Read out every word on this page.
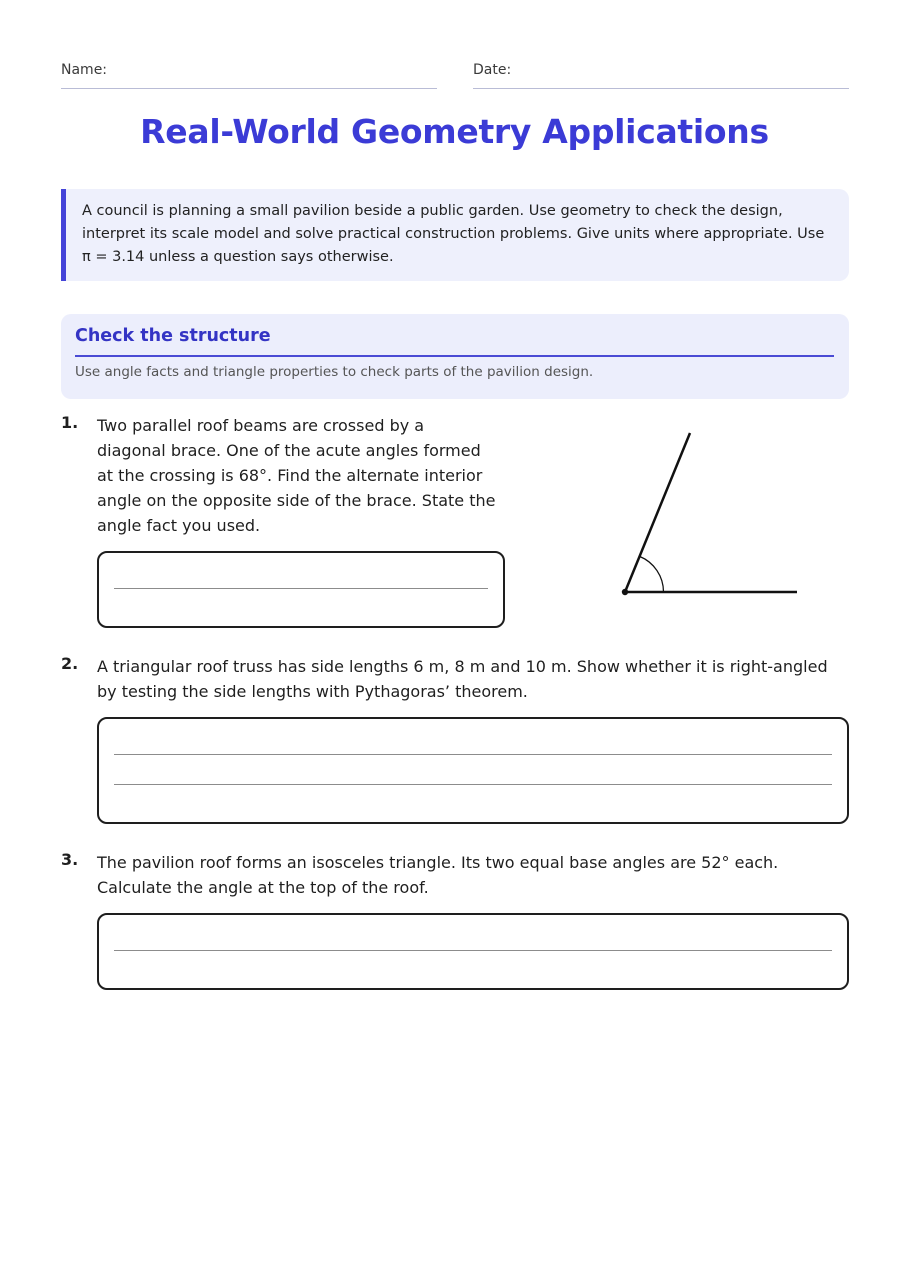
Name:	Date:
Real-World Geometry Applications
A council is planning a small pavilion beside a public garden. Use geometry to check the design, interpret its scale model and solve practical construction problems. Give units where appropriate. Use π = 3.14 unless a question says otherwise.
Check the structure
Use angle facts and triangle properties to check parts of the pavilion design.
1. Two parallel roof beams are crossed by a diagonal brace. One of the acute angles formed at the crossing is 68°. Find the alternate interior angle on the opposite side of the brace. State the angle fact you used.
2. A triangular roof truss has side lengths 6 m, 8 m and 10 m. Show whether it is right-angled by testing the side lengths with Pythagoras’ theorem.
3. The pavilion roof forms an isosceles triangle. Its two equal base angles are 52° each. Calculate the angle at the top of the roof.
